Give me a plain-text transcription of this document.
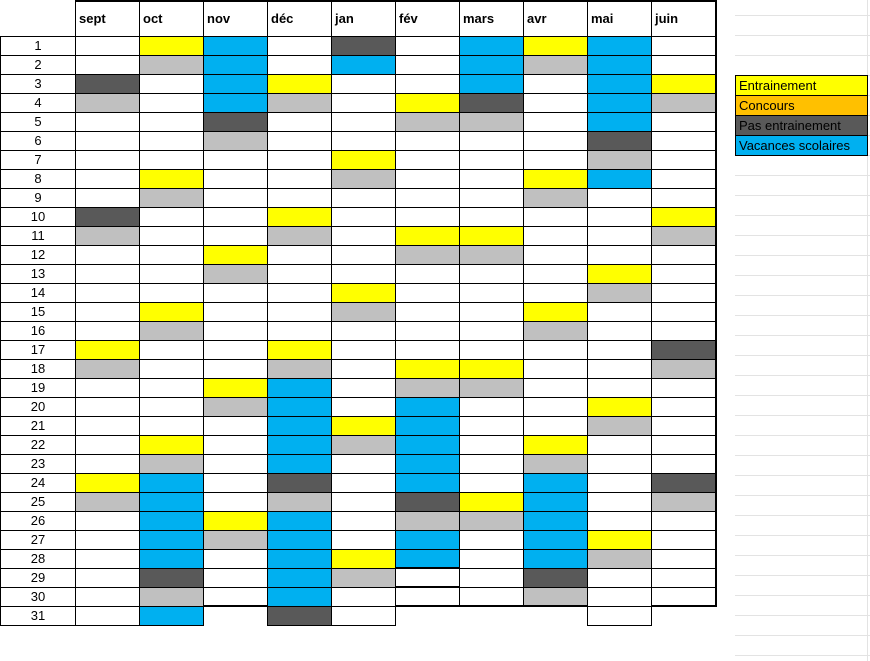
	sept	oct	nov	déc	jan	fév	mars	avr	mai	juin
1										
2										
3										
4										
5										
6										
7										
8										
9										
10										
11										
12										
13										
14										
15										
16										
17										
18										
19										
20										
21										
22										
23										
24										
25										
26										
27										
28										
29										
30										
31										
Entrainement
Concours
Pas entrainement
Vacances scolaires
